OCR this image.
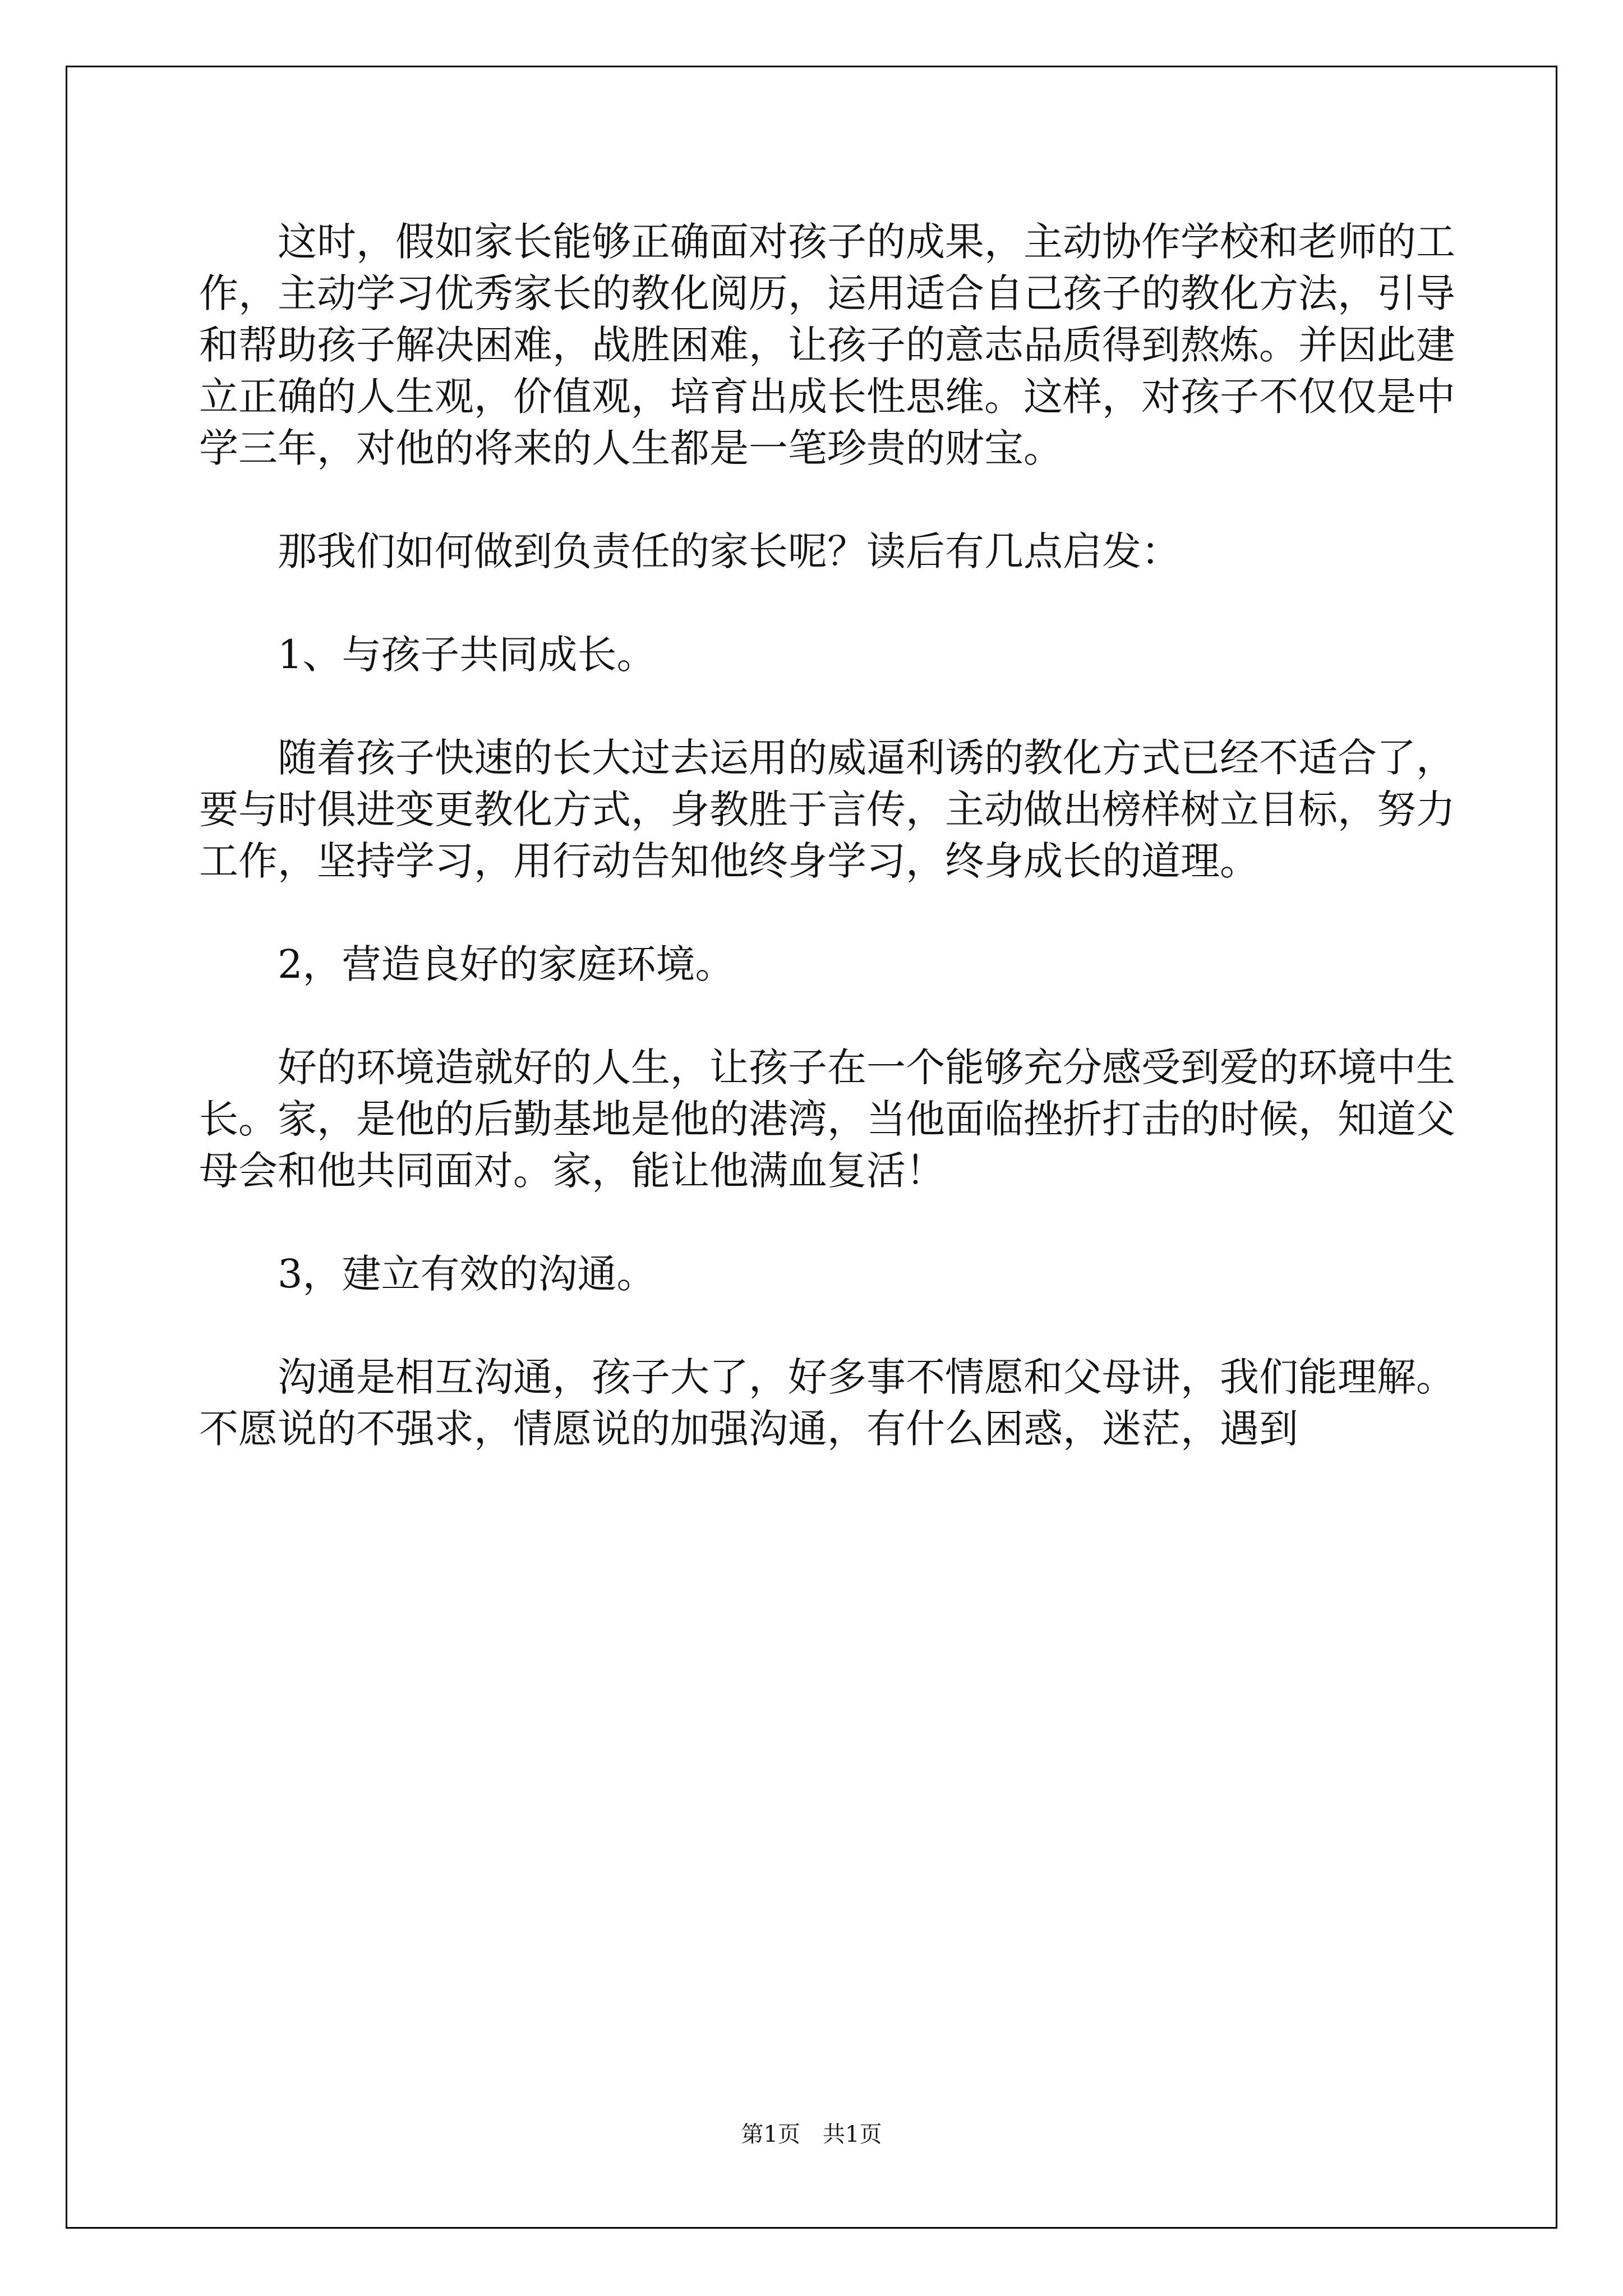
这时，假如家长能够正确面对孩子的成果，主动协作学校和老师的工作，主动学习优秀家长的教化阅历，运用适合自己孩子的教化方法，引导和帮助孩子解决困难，战胜困难，让孩子的意志品质得到熬炼。并因此建立正确的人生观，价值观，培育出成长性思维。这样，对孩子不仅仅是中学三年，对他的将来的人生都是一笔珍贵的财宝。

那我们如何做到负责任的家长呢？读后有几点启发：

1、与孩子共同成长。

随着孩子快速的长大过去运用的威逼利诱的教化方式已经不适合了，要与时俱进变更教化方式，身教胜于言传，主动做出榜样树立目标，努力工作，坚持学习，用行动告知他终身学习，终身成长的道理。

2，营造良好的家庭环境。

好的环境造就好的人生，让孩子在一个能够充分感受到爱的环境中生长。家，是他的后勤基地是他的港湾，当他面临挫折打击的时候，知道父母会和他共同面对。家，能让他满血复活！

3，建立有效的沟通。

沟通是相互沟通，孩子大了，好多事不情愿和父母讲，我们能理解。不愿说的不强求，情愿说的加强沟通，有什么困惑，迷茫，遇到

第1页　共1页
